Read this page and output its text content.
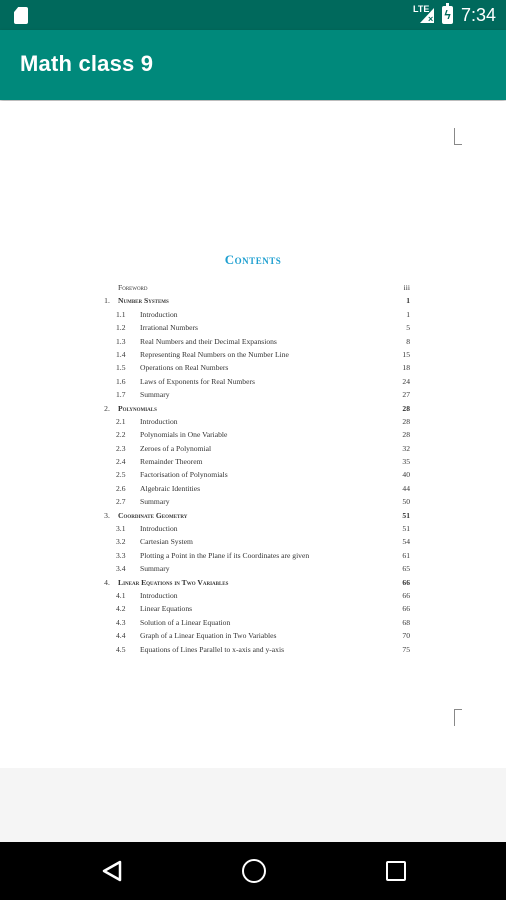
LTE
× ϟ 7:34
Math class 9
Contents
Foreword	iii
1.	Number Systems	1
1.1	Introduction	1
1.2	Irrational Numbers	5
1.3	Real Numbers and their Decimal Expansions	8
1.4	Representing Real Numbers on the Number Line	15
1.5	Operations on Real Numbers	18
1.6	Laws of Exponents for Real Numbers	24
1.7	Summary	27
2.	Polynomials	28
2.1	Introduction	28
2.2	Polynomials in One Variable	28
2.3	Zeroes of a Polynomial	32
2.4	Remainder Theorem	35
2.5	Factorisation of Polynomials	40
2.6	Algebraic Identities	44
2.7	Summary	50
3.	Coordinate Geometry	51
3.1	Introduction	51
3.2	Cartesian System	54
3.3	Plotting a Point in the Plane if its Coordinates are given	61
3.4	Summary	65
4.	Linear Equations in Two Variables	66
4.1	Introduction	66
4.2	Linear Equations	66
4.3	Solution of a Linear Equation	68
4.4	Graph of a Linear Equation in Two Variables	70
4.5	Equations of Lines Parallel to x-axis and y-axis	75
